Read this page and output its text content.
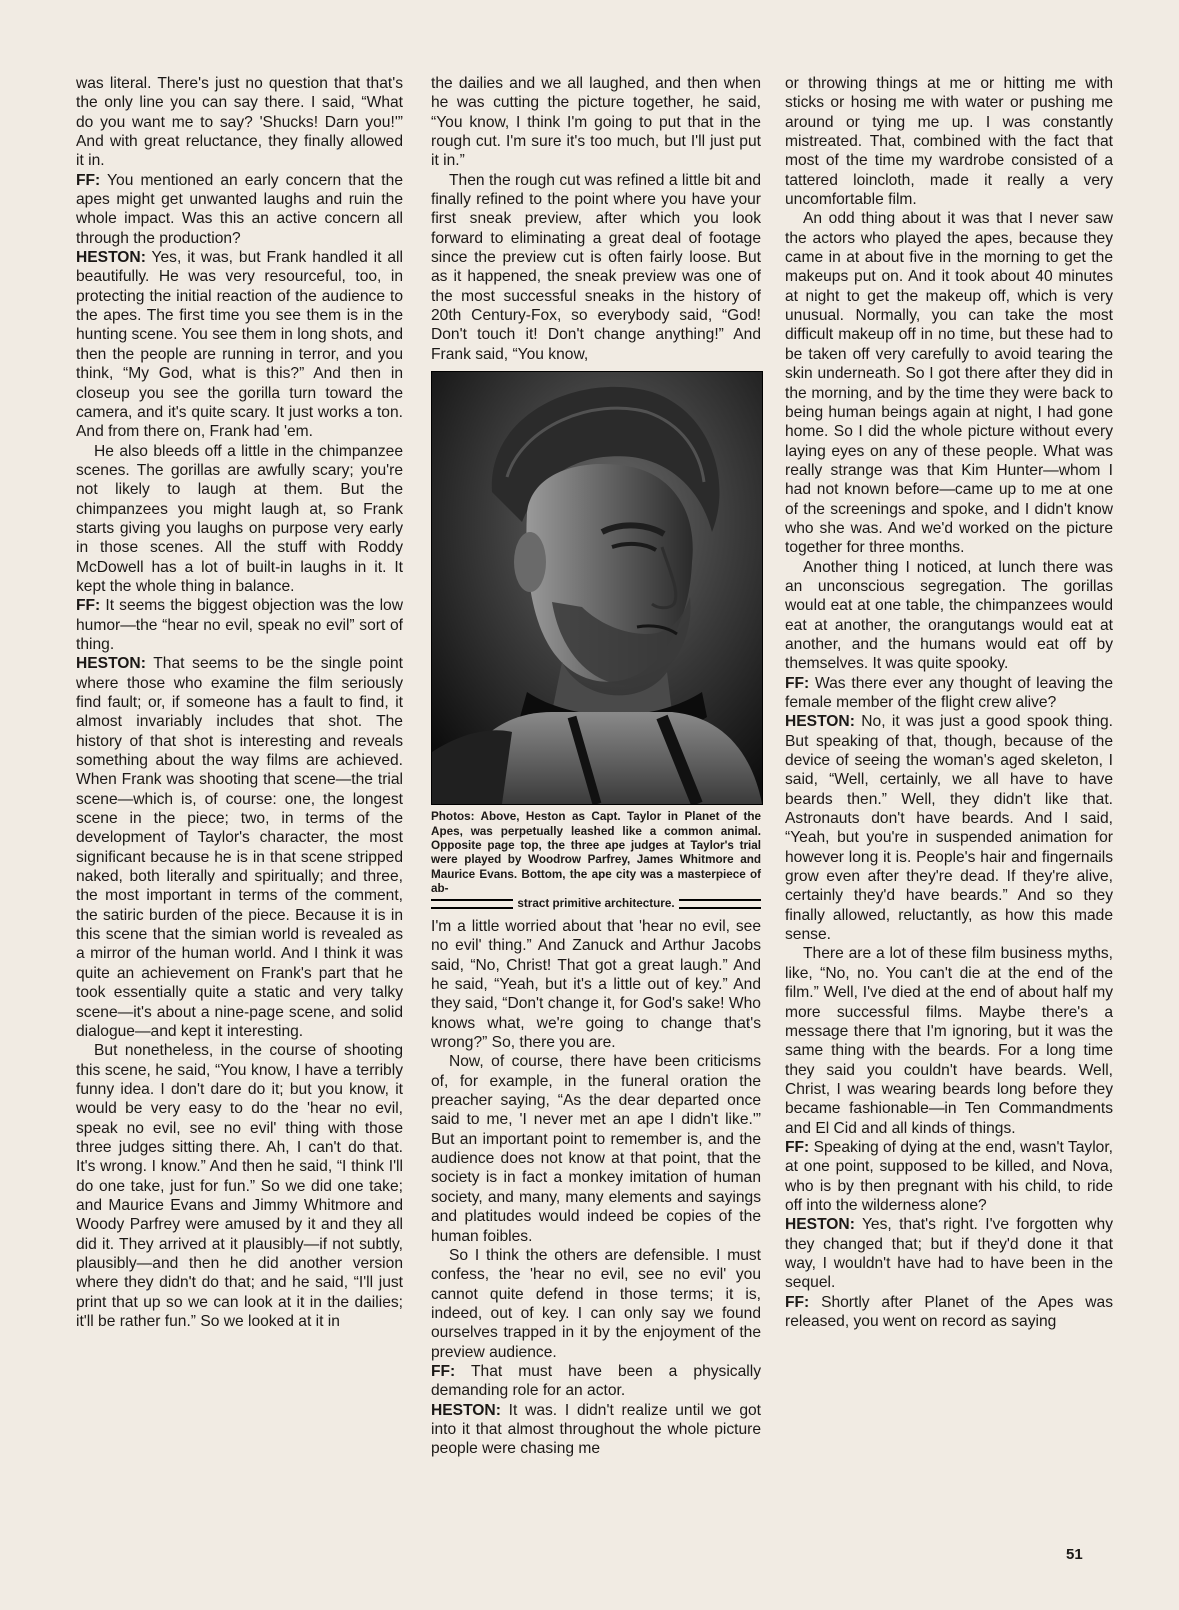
was literal. There's just no question that that's the only line you can say there. I said, “What do you want me to say? 'Shucks! Darn you!'” And with great reluctance, they finally allowed it in.

FF: You mentioned an early concern that the apes might get unwanted laughs and ruin the whole impact. Was this an active concern all through the production?

HESTON: Yes, it was, but Frank handled it all beautifully. He was very resourceful, too, in protecting the initial reaction of the audience to the apes. The first time you see them is in the hunting scene. You see them in long shots, and then the people are running in terror, and you think, “My God, what is this?” And then in closeup you see the gorilla turn toward the camera, and it's quite scary. It just works a ton. And from there on, Frank had 'em.

He also bleeds off a little in the chimpanzee scenes. The gorillas are awfully scary; you're not likely to laugh at them. But the chimpanzees you might laugh at, so Frank starts giving you laughs on purpose very early in those scenes. All the stuff with Roddy McDowell has a lot of built-in laughs in it. It kept the whole thing in balance.

FF: It seems the biggest objection was the low humor—the “hear no evil, speak no evil” sort of thing.

HESTON: That seems to be the single point where those who examine the film seriously find fault; or, if someone has a fault to find, it almost invariably includes that shot. The history of that shot is interesting and reveals something about the way films are achieved. When Frank was shooting that scene—the trial scene—which is, of course: one, the longest scene in the piece; two, in terms of the development of Taylor's character, the most significant because he is in that scene stripped naked, both literally and spiritually; and three, the most important in terms of the comment, the satiric burden of the piece. Because it is in this scene that the simian world is revealed as a mirror of the human world. And I think it was quite an achievement on Frank's part that he took essentially quite a static and very talky scene—it's about a nine-page scene, and solid dialogue—and kept it interesting.

But nonetheless, in the course of shooting this scene, he said, “You know, I have a terribly funny idea. I don't dare do it; but you know, it would be very easy to do the 'hear no evil, speak no evil, see no evil' thing with those three judges sitting there. Ah, I can't do that. It's wrong. I know.” And then he said, “I think I'll do one take, just for fun.” So we did one take; and Maurice Evans and Jimmy Whitmore and Woody Parfrey were amused by it and they all did it. They arrived at it plausibly—if not subtly, plausibly—and then he did another version where they didn't do that; and he said, “I'll just print that up so we can look at it in the dailies; it'll be rather fun.” So we looked at it in

the dailies and we all laughed, and then when he was cutting the picture together, he said, “You know, I think I'm going to put that in the rough cut. I'm sure it's too much, but I'll just put it in.”

Then the rough cut was refined a little bit and finally refined to the point where you have your first sneak preview, after which you look forward to eliminating a great deal of footage since the preview cut is often fairly loose. But as it happened, the sneak preview was one of the most successful sneaks in the history of 20th Century-Fox, so everybody said, “God! Don't touch it! Don't change anything!” And Frank said, “You know,

Photos: Above, Heston as Capt. Taylor in Planet of the Apes, was perpetually leashed like a common animal. Opposite page top, the three ape judges at Taylor's trial were played by Woodrow Parfrey, James Whitmore and Maurice Evans. Bottom, the ape city was a masterpiece of ab-
stract primitive architecture.

I'm a little worried about that 'hear no evil, see no evil' thing.” And Zanuck and Arthur Jacobs said, “No, Christ! That got a great laugh.” And he said, “Yeah, but it's a little out of key.” And they said, “Don't change it, for God's sake! Who knows what, we're going to change that's wrong?” So, there you are.

Now, of course, there have been criticisms of, for example, in the funeral oration the preacher saying, “As the dear departed once said to me, 'I never met an ape I didn't like.'” But an important point to remember is, and the audience does not know at that point, that the society is in fact a monkey imitation of human society, and many, many elements and sayings and platitudes would indeed be copies of the human foibles.

So I think the others are defensible. I must confess, the 'hear no evil, see no evil' you cannot quite defend in those terms; it is, indeed, out of key. I can only say we found ourselves trapped in it by the enjoyment of the preview audience.

FF: That must have been a physically demanding role for an actor.

HESTON: It was. I didn't realize until we got into it that almost throughout the whole picture people were chasing me

or throwing things at me or hitting me with sticks or hosing me with water or pushing me around or tying me up. I was constantly mistreated. That, combined with the fact that most of the time my wardrobe consisted of a tattered loincloth, made it really a very uncomfortable film.

An odd thing about it was that I never saw the actors who played the apes, because they came in at about five in the morning to get the makeups put on. And it took about 40 minutes at night to get the makeup off, which is very unusual. Normally, you can take the most difficult makeup off in no time, but these had to be taken off very carefully to avoid tearing the skin underneath. So I got there after they did in the morning, and by the time they were back to being human beings again at night, I had gone home. So I did the whole picture without every laying eyes on any of these people. What was really strange was that Kim Hunter—whom I had not known before—came up to me at one of the screenings and spoke, and I didn't know who she was. And we'd worked on the picture together for three months.

Another thing I noticed, at lunch there was an unconscious segregation. The gorillas would eat at one table, the chimpanzees would eat at another, the orangutangs would eat at another, and the humans would eat off by themselves. It was quite spooky.

FF: Was there ever any thought of leaving the female member of the flight crew alive?

HESTON: No, it was just a good spook thing. But speaking of that, though, because of the device of seeing the woman's aged skeleton, I said, “Well, certainly, we all have to have beards then.” Well, they didn't like that. Astronauts don't have beards. And I said, “Yeah, but you're in suspended animation for however long it is. People's hair and fingernails grow even after they're dead. If they're alive, certainly they'd have beards.” And so they finally allowed, reluctantly, as how this made sense.

There are a lot of these film business myths, like, “No, no. You can't die at the end of the film.” Well, I've died at the end of about half my more successful films. Maybe there's a message there that I'm ignoring, but it was the same thing with the beards. For a long time they said you couldn't have beards. Well, Christ, I was wearing beards long before they became fashionable—in Ten Commandments and El Cid and all kinds of things.

FF: Speaking of dying at the end, wasn't Taylor, at one point, supposed to be killed, and Nova, who is by then pregnant with his child, to ride off into the wilderness alone?

HESTON: Yes, that's right. I've forgotten why they changed that; but if they'd done it that way, I wouldn't have had to have been in the sequel.

FF: Shortly after Planet of the Apes was released, you went on record as saying

51
